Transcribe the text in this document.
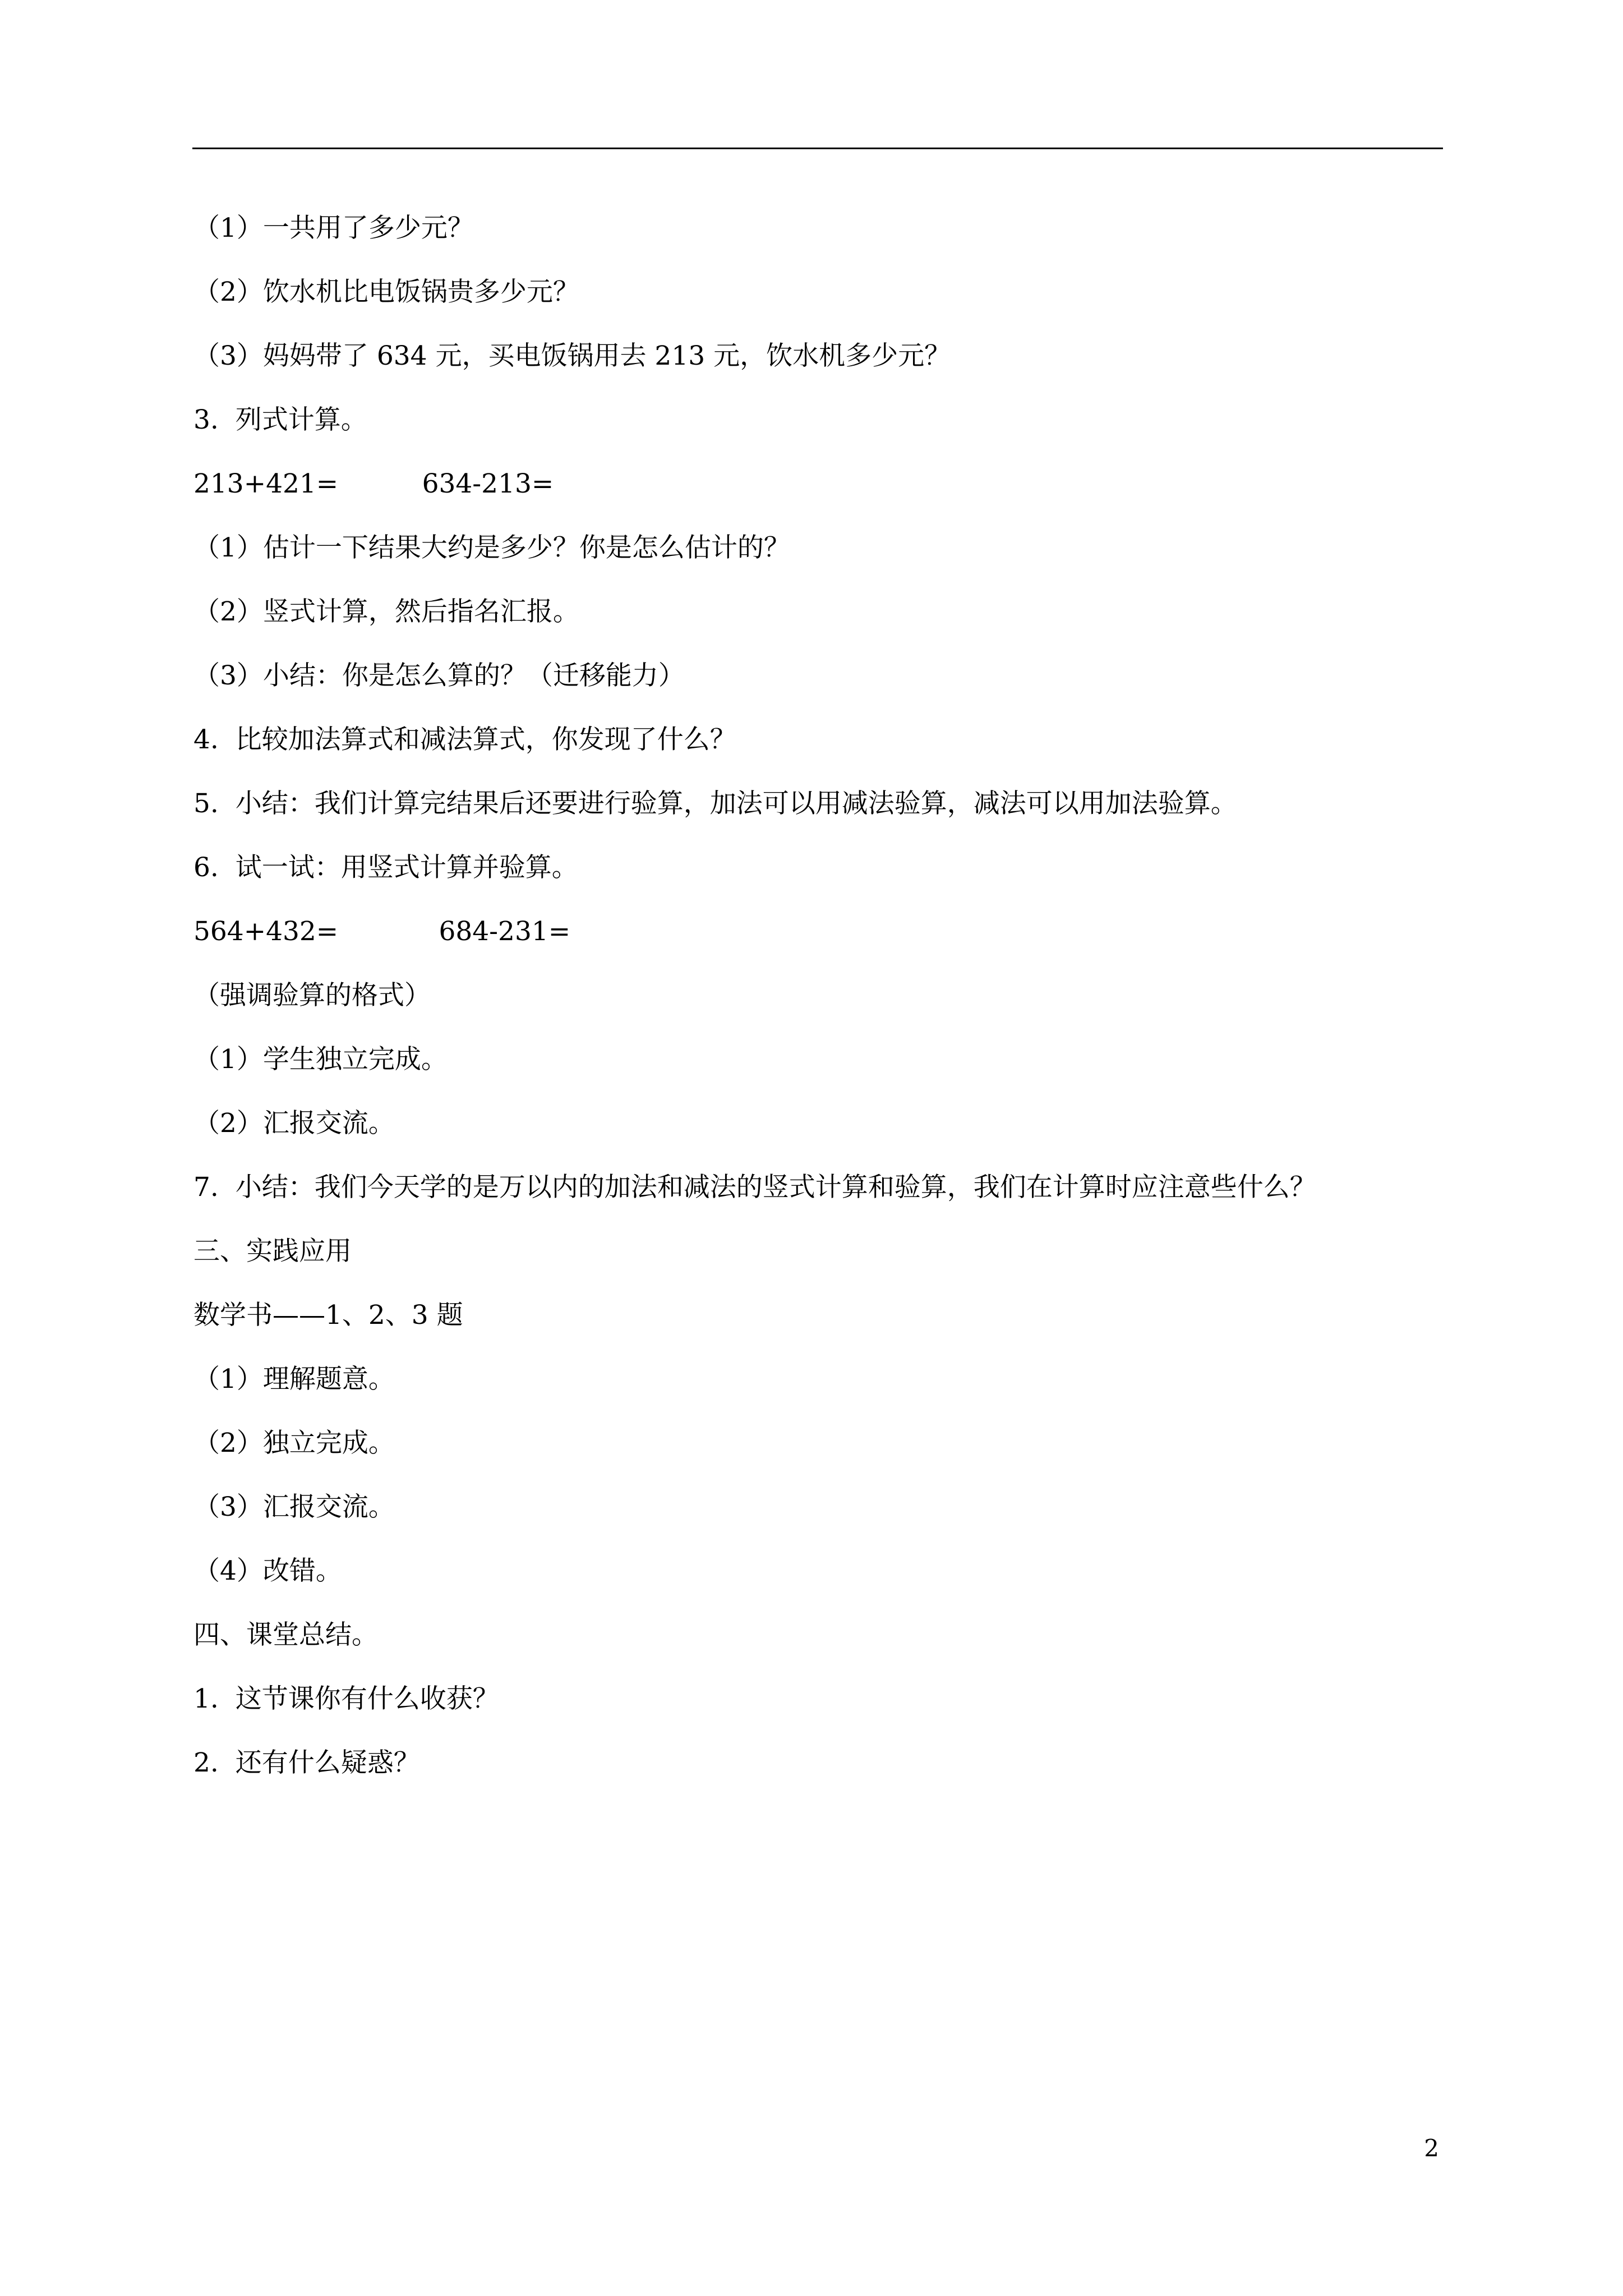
（1）一共用了多少元？
（2）饮水机比电饭锅贵多少元？
（3）妈妈带了 634 元，买电饭锅用去 213 元，饮水机多少元？
3.  列式计算。
213+421=          634-213=
（1）估计一下结果大约是多少？你是怎么估计的？
（2）竖式计算，然后指名汇报。
（3）小结：你是怎么算的？（迁移能力）
4.  比较加法算式和减法算式，你发现了什么？
5.  小结：我们计算完结果后还要进行验算，加法可以用减法验算，减法可以用加法验算。
6.  试一试：用竖式计算并验算。
564+432=            684-231=
（强调验算的格式）
（1）学生独立完成。
（2）汇报交流。
7.  小结：我们今天学的是万以内的加法和减法的竖式计算和验算，我们在计算时应注意些什么？
三、实践应用
数学书——1、2、3 题
（1）理解题意。
（2）独立完成。
（3）汇报交流。
（4）改错。
四、课堂总结。
1.  这节课你有什么收获？
2.  还有什么疑惑？
2
